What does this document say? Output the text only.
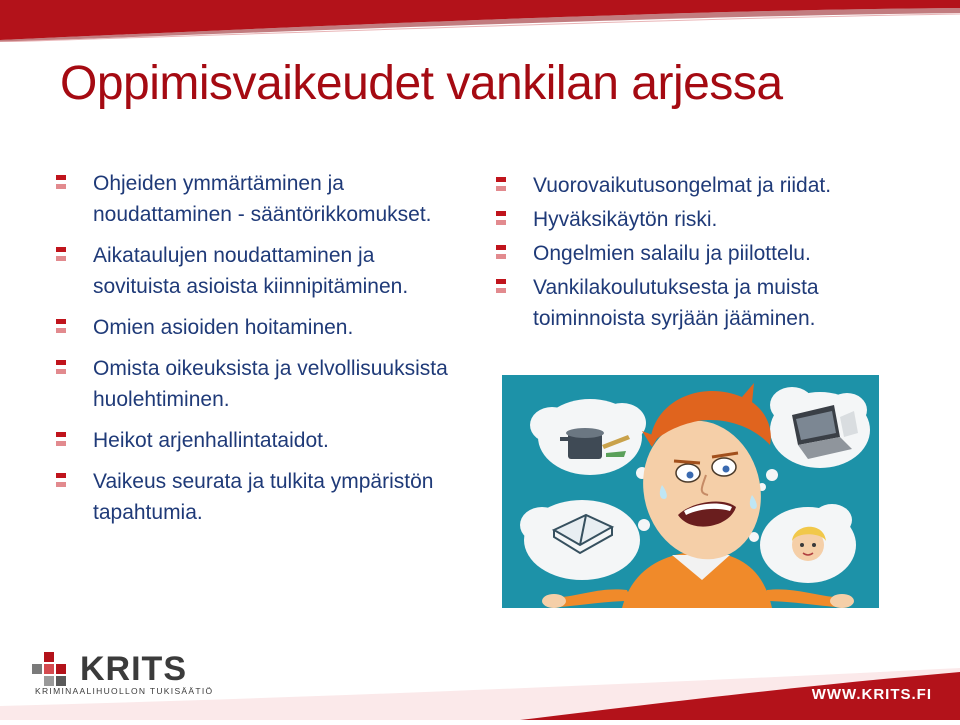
Oppimisvaikeudet vankilan arjessa
Ohjeiden ymmärtäminen ja noudattaminen - sääntörikkomukset.
Aikataulujen noudattaminen ja sovituista asioista kiinnipitäminen.
Omien asioiden hoitaminen.
Omista oikeuksista ja velvollisuuksista huolehtiminen.
Heikot arjenhallintataidot.
Vaikeus seurata ja tulkita ympäristön tapahtumia.
Vuorovaikutusongelmat ja riidat.
Hyväksikäytön riski.
Ongelmien salailu ja piilottelu.
Vankilakoulutuksesta ja muista toiminnoista syrjään jääminen.
KRITS
KRIMINAALIHUOLLON TUKISÄÄTIÖ	WWW.KRITS.FI
